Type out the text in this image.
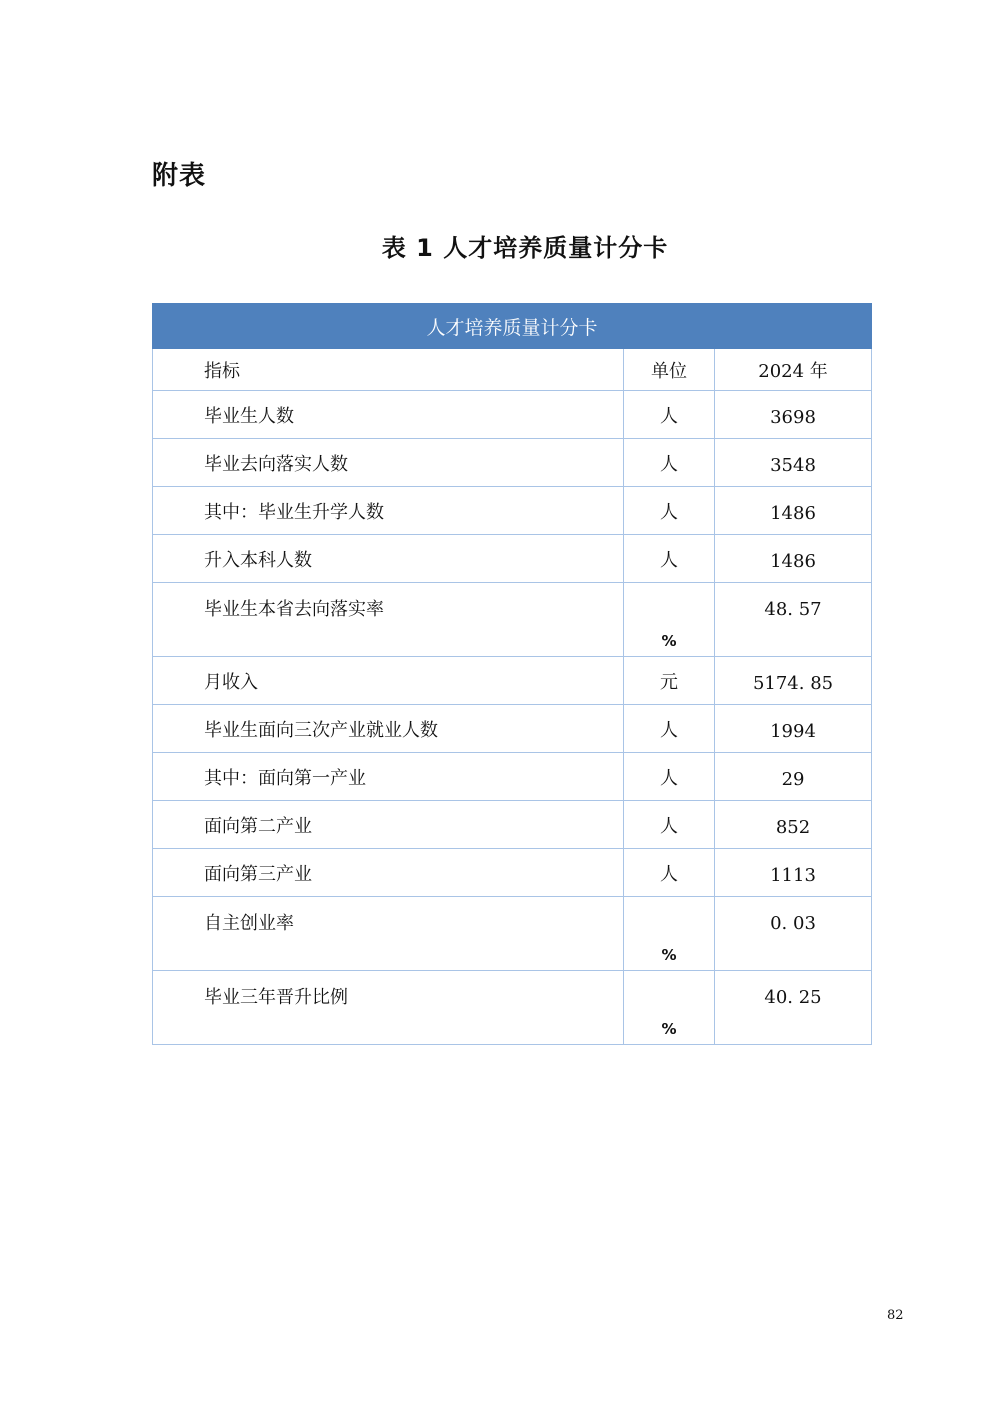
附表
表 1 人才培养质量计分卡
人才培养质量计分卡		
指标	单位	2024 年
毕业生人数	人	3698
毕业去向落实人数	人	3548
其中：毕业生升学人数	人	1486
升入本科人数	人	1486
毕业生本省去向落实率	%	48. 57
月收入	元	5174. 85
毕业生面向三次产业就业人数	人	1994
其中：面向第一产业	人	29
面向第二产业	人	852
面向第三产业	人	1113
自主创业率	%	0. 03
毕业三年晋升比例	%	40. 25
82
